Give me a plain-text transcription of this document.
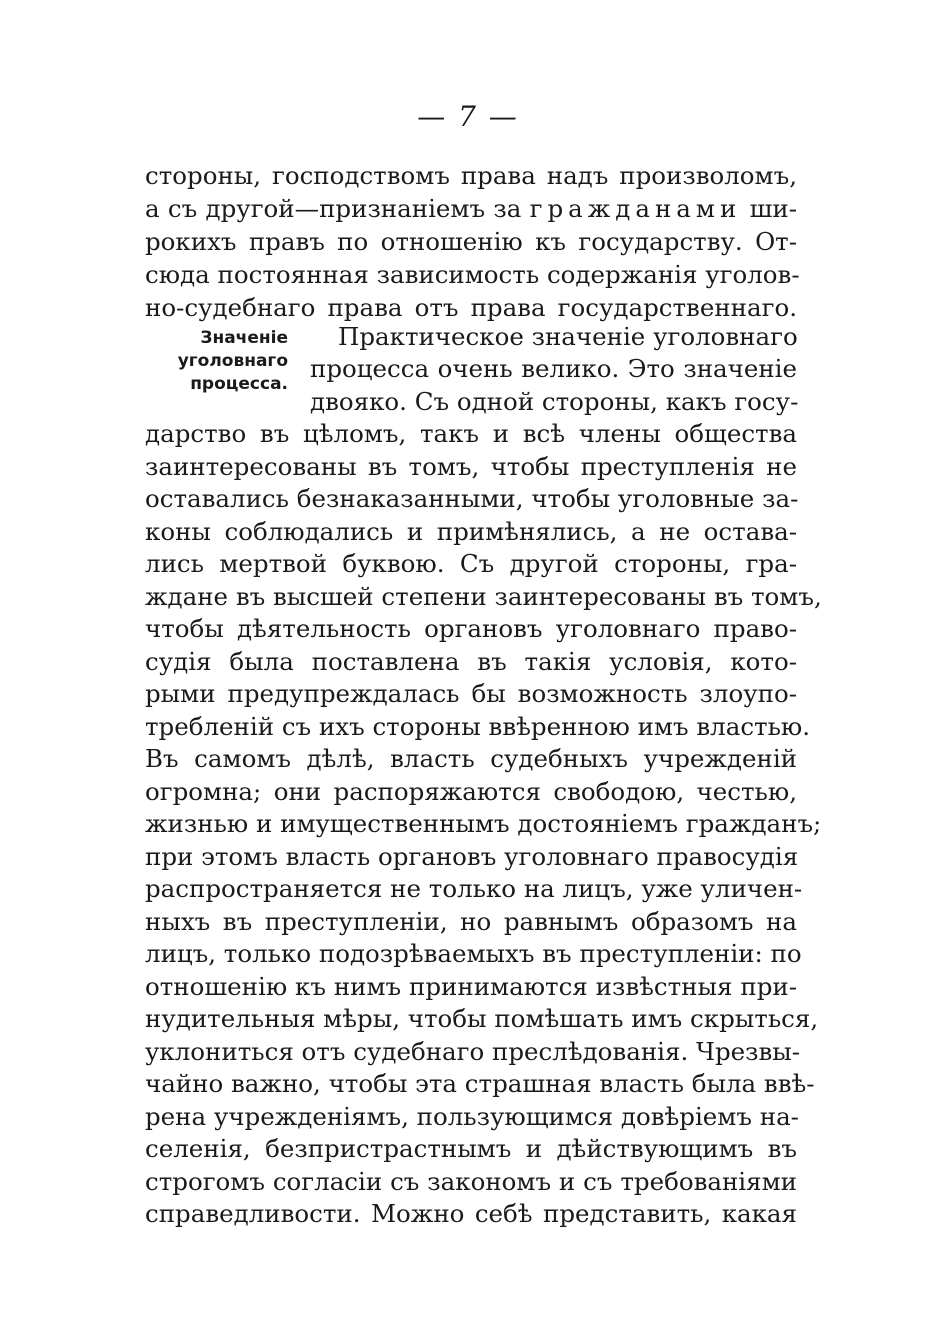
— 7 —
Значеніе
уголовнаго
процесса.
стороны, господствомъ права надъ произволомъ,
а съ другой—признаніемъ за гражданами ши-
рокихъ правъ по отношенію къ государству. От-
сюда постоянная зависимость содержанія уголов-
но-судебнаго права отъ права государственнаго.
Практическое значеніе уголовнаго
процесса очень велико. Это значеніе
двояко. Съ одной стороны, какъ госу-
дарство въ цѣломъ, такъ и всѣ члены общества
заинтересованы въ томъ, чтобы преступленія не
оставались безнаказанными, чтобы уголовные за-
коны соблюдались и примѣнялись, а не остава-
лись мертвой буквою. Съ другой стороны, гра-
ждане въ высшей степени заинтересованы въ томъ,
чтобы дѣятельность органовъ уголовнаго право-
судія была поставлена въ такія условія, кото-
рыми предупреждалась бы возможность злоупо-
требленій съ ихъ стороны ввѣренною имъ властью.
Въ самомъ дѣлѣ, власть судебныхъ учрежденій
огромна; они распоряжаются свободою, честью,
жизнью и имущественнымъ достояніемъ гражданъ;
при этомъ власть органовъ уголовнаго правосудія
распространяется не только на лицъ, уже уличен-
ныхъ въ преступленіи, но равнымъ образомъ на
лицъ, только подозрѣваемыхъ въ преступленіи: по
отношенію къ нимъ принимаются извѣстныя при-
нудительныя мѣры, чтобы помѣшать имъ скрыться,
уклониться отъ судебнаго преслѣдованія. Чрезвы-
чайно важно, чтобы эта страшная власть была ввѣ-
рена учрежденіямъ, пользующимся довѣріемъ на-
селенія, безпристрастнымъ и дѣйствующимъ въ
строгомъ согласіи съ закономъ и съ требованіями
справедливости. Можно себѣ представить, какая
